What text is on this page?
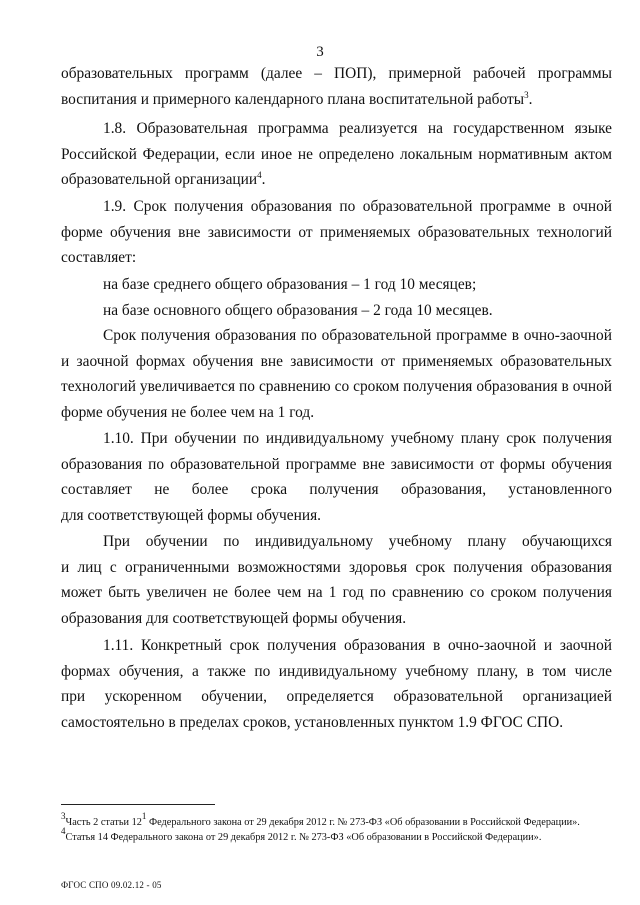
3
образовательных программ (далее – ПОП), примерной рабочей программы
воспитания и примерного календарного плана воспитательной работы$^3$.
1.8. Образовательная программа реализуется на государственном языке
Российской Федерации, если иное не определено локальным нормативным актом
образовательной организации$^4$.
1.9. Срок получения образования по образовательной программе в очной
форме обучения вне зависимости от применяемых образовательных технологий
составляет:
на базе среднего общего образования – 1 год 10 месяцев;
на базе основного общего образования – 2 года 10 месяцев.
Срок получения образования по образовательной программе в очно-заочной
и заочной формах обучения вне зависимости от применяемых образовательных
технологий увеличивается по сравнению со сроком получения образования в очной
форме обучения не более чем на 1 год.
1.10. При обучении по индивидуальному учебному плану срок получения
образования по образовательной программе вне зависимости от формы обучения
составляет не более срока получения образования, установленного
для соответствующей формы обучения.
При обучении по индивидуальному учебному плану обучающихся
и лиц с ограниченными возможностями здоровья срок получения образования
может быть увеличен не более чем на 1 год по сравнению со сроком получения
образования для соответствующей формы обучения.
1.11. Конкретный срок получения образования в очно-заочной и заочной
формах обучения, а также по индивидуальному учебному плану, в том числе
при ускоренном обучении, определяется образовательной организацией
самостоятельно в пределах сроков, установленных пунктом 1.9 ФГОС СПО.
$^3$Часть 2 статьи $12^1$ Федерального закона от 29 декабря 2012 г. № 273-ФЗ «Об образовании в Российской Федерации».
$^4$Статья 14 Федерального закона от 29 декабря 2012 г. № 273-ФЗ «Об образовании в Российской Федерации».
ФГОС СПО 09.02.12 - 05
